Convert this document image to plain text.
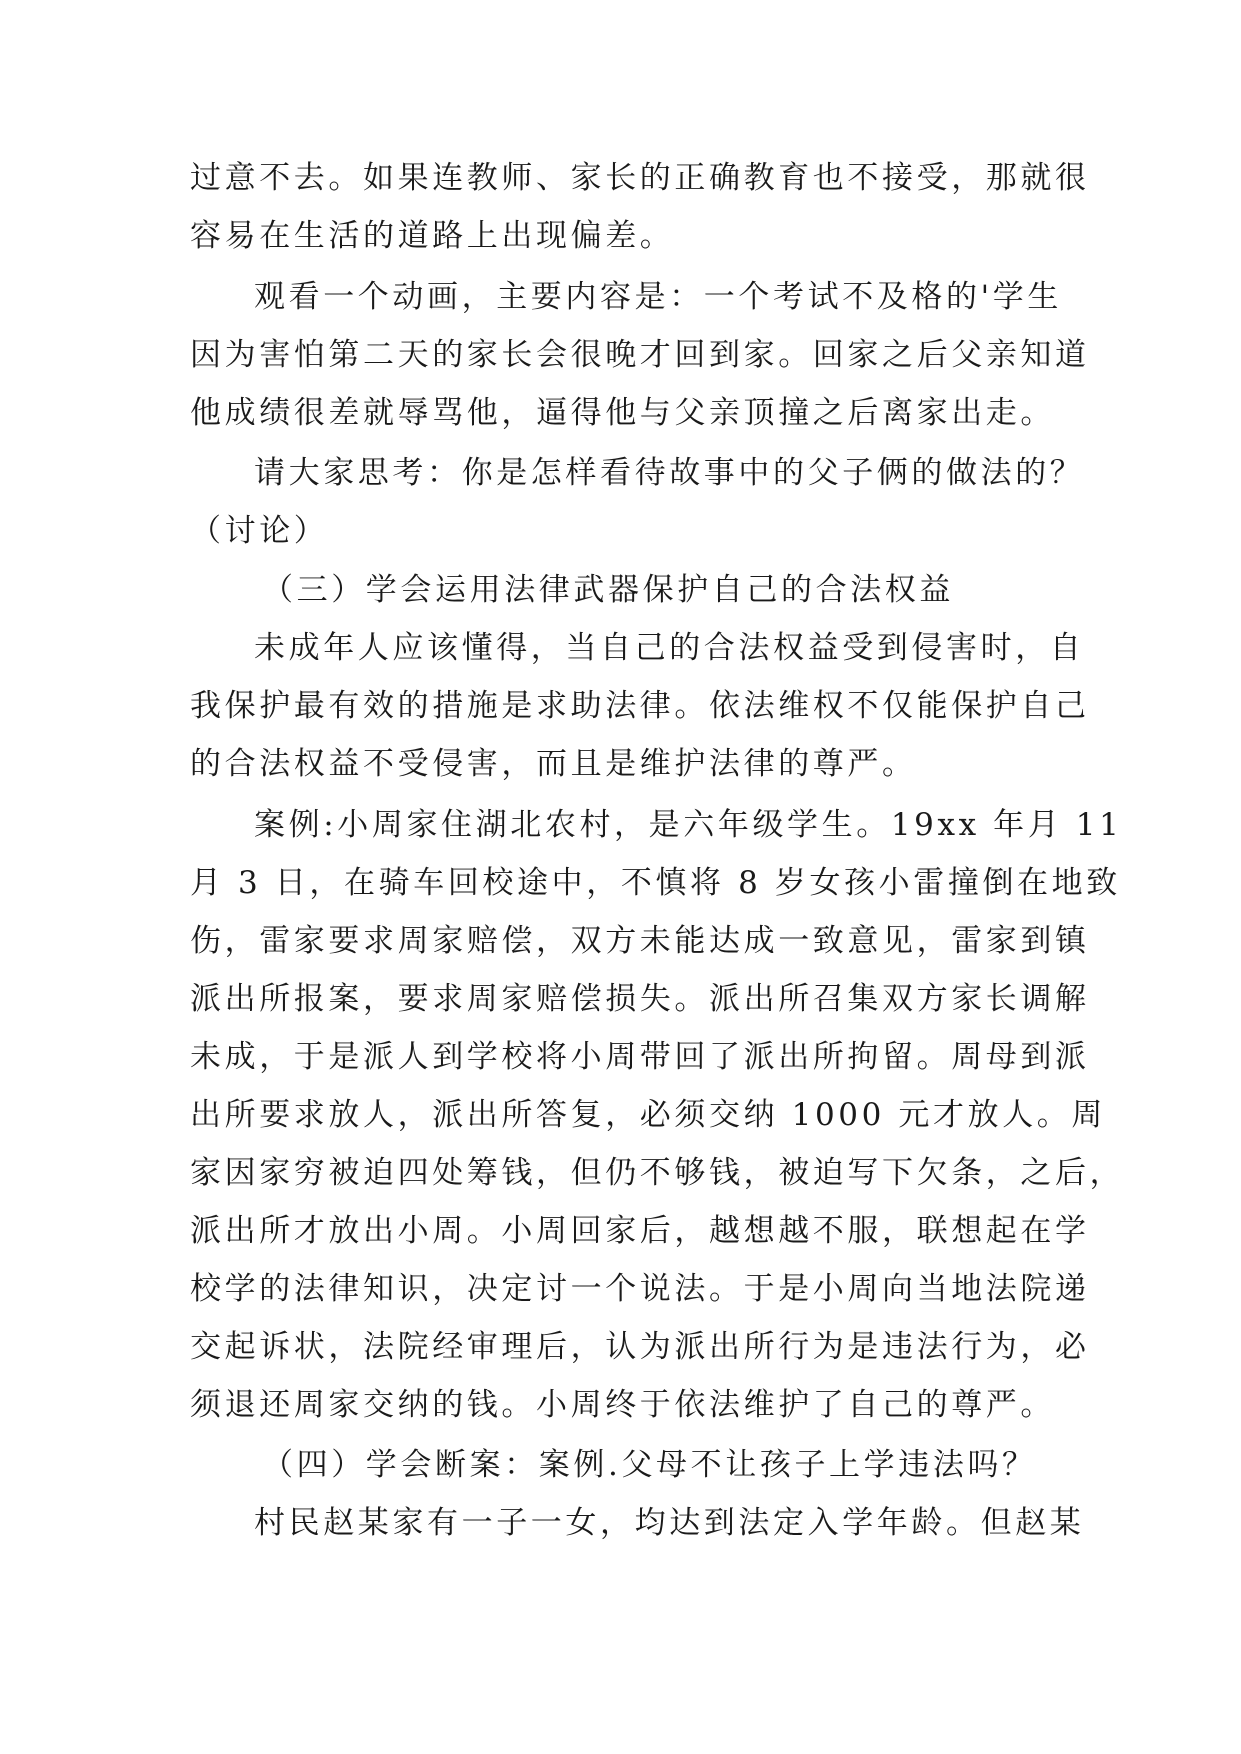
过意不去。如果连教师、家长的正确教育也不接受，那就很
容易在生活的道路上出现偏差。
观看一个动画，主要内容是：一个考试不及格的'学生
因为害怕第二天的家长会很晚才回到家。回家之后父亲知道
他成绩很差就辱骂他，逼得他与父亲顶撞之后离家出走。
请大家思考：你是怎样看待故事中的父子俩的做法的？
（讨论）
（三）学会运用法律武器保护自己的合法权益
未成年人应该懂得，当自己的合法权益受到侵害时，自
我保护最有效的措施是求助法律。依法维权不仅能保护自己
的合法权益不受侵害，而且是维护法律的尊严。
案例:小周家住湖北农村，是六年级学生。19xx 年月 11
月 3 日，在骑车回校途中，不慎将 8 岁女孩小雷撞倒在地致
伤，雷家要求周家赔偿，双方未能达成一致意见，雷家到镇
派出所报案，要求周家赔偿损失。派出所召集双方家长调解
未成，于是派人到学校将小周带回了派出所拘留。周母到派
出所要求放人，派出所答复，必须交纳 1000 元才放人。周
家因家穷被迫四处筹钱，但仍不够钱，被迫写下欠条，之后，
派出所才放出小周。小周回家后，越想越不服，联想起在学
校学的法律知识，决定讨一个说法。于是小周向当地法院递
交起诉状，法院经审理后，认为派出所行为是违法行为，必
须退还周家交纳的钱。小周终于依法维护了自己的尊严。
（四）学会断案：案例.父母不让孩子上学违法吗？
村民赵某家有一子一女，均达到法定入学年龄。但赵某
